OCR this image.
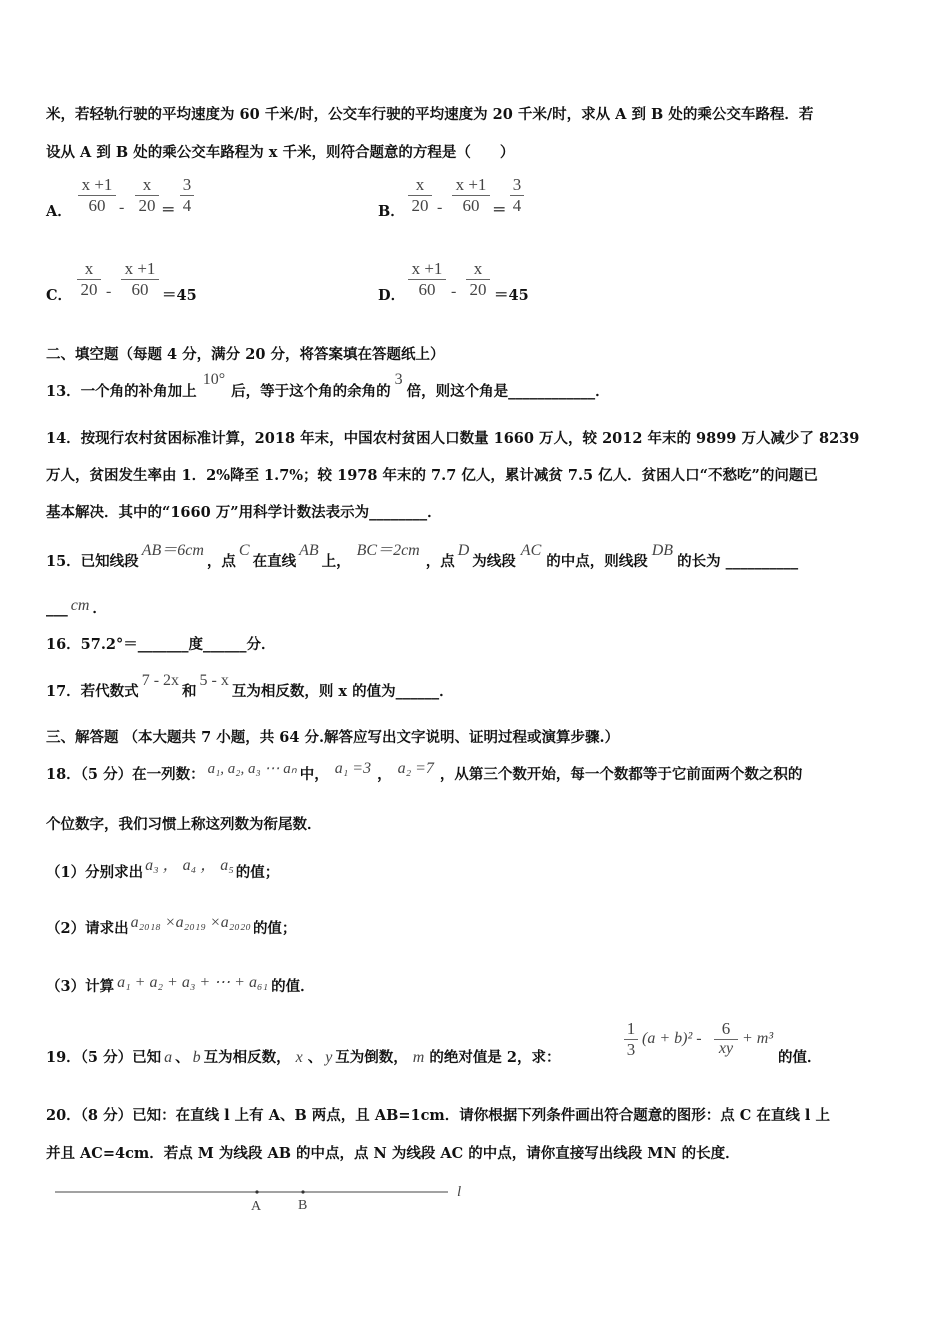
米，若轻轨行驶的平均速度为 60 千米/时，公交车行驶的平均速度为 20 千米/时，求从 A 到 B 处的乘公交车路程．若
设从 A 到 B 处的乘公交车路程为 x 千米，则符合题意的方程是（　　）
A．
x +1
60 -
x
20 ＝
3
4	B．
x
20 -
x +1
60 ＝
3
4
C．
x
20 -
x +1
60 ＝45	D．
x +1
60 -
x
20 ＝45
二、填空题（每题 4 分，满分 20 分，将答案填在答题纸上）
13．一个角的补角加上10°后，等于这个角的余角的3倍，则这个角是____________．
14．按现行农村贫困标准计算，2018 年末，中国农村贫困人口数量 1660 万人，较 2012 年末的 9899 万人减少了 8239
万人，贫困发生率由 1．2%降至 1.7%；较 1978 年末的 7.7 亿人，累计减贫 7.5 亿人．贫困人口“不愁吃”的问题已
基本解决．其中的“1660 万”用科学计数法表示为________．
15．已知线段AB＝6cm，点C在直线AB上，BC＝2cm，点D为线段AC的中点，则线段DB的长为 __________
___ cm ．
16．57.2°＝_______度______分．
17．若代数式7 - 2x和5 - x互为相反数，则 x 的值为______．
三、解答题 （本大题共 7 小题，共 64 分.解答应写出文字说明、证明过程或演算步骤.）
18．（5 分）在一列数： a₁, a₂, a₃ ⋯ aₙ 中， a₁ =3 ， a₂ =7 ，从第三个数开始，每一个数都等于它前面两个数之积的
个位数字，我们习惯上称这列数为衔尾数．
（1）分别求出 a₃ ， a₄ ， a₅ 的值；
（2）请求出 a₂₀₁₈ ×a₂₀₁₉ ×a₂₀₂₀ 的值；
（3）计算 a₁ + a₂ + a₃ + ⋯ + a₆₁ 的值．
19．（5 分）已知 a 、 b 互为相反数， x 、 y 互为倒数， m 的绝对值是 2，求：
1
3
(a + b)² -
6
xy
+ m³
的值．
20．（8 分）已知：在直线 l 上有 A、B 两点，且 AB=1cm．请你根据下列条件画出符合题意的图形：点 C 在直线 l 上
并且 AC=4cm．若点 M 为线段 AB 的中点，点 N 为线段 AC 的中点，请你直接写出线段 MN 的长度．
A	B
l
